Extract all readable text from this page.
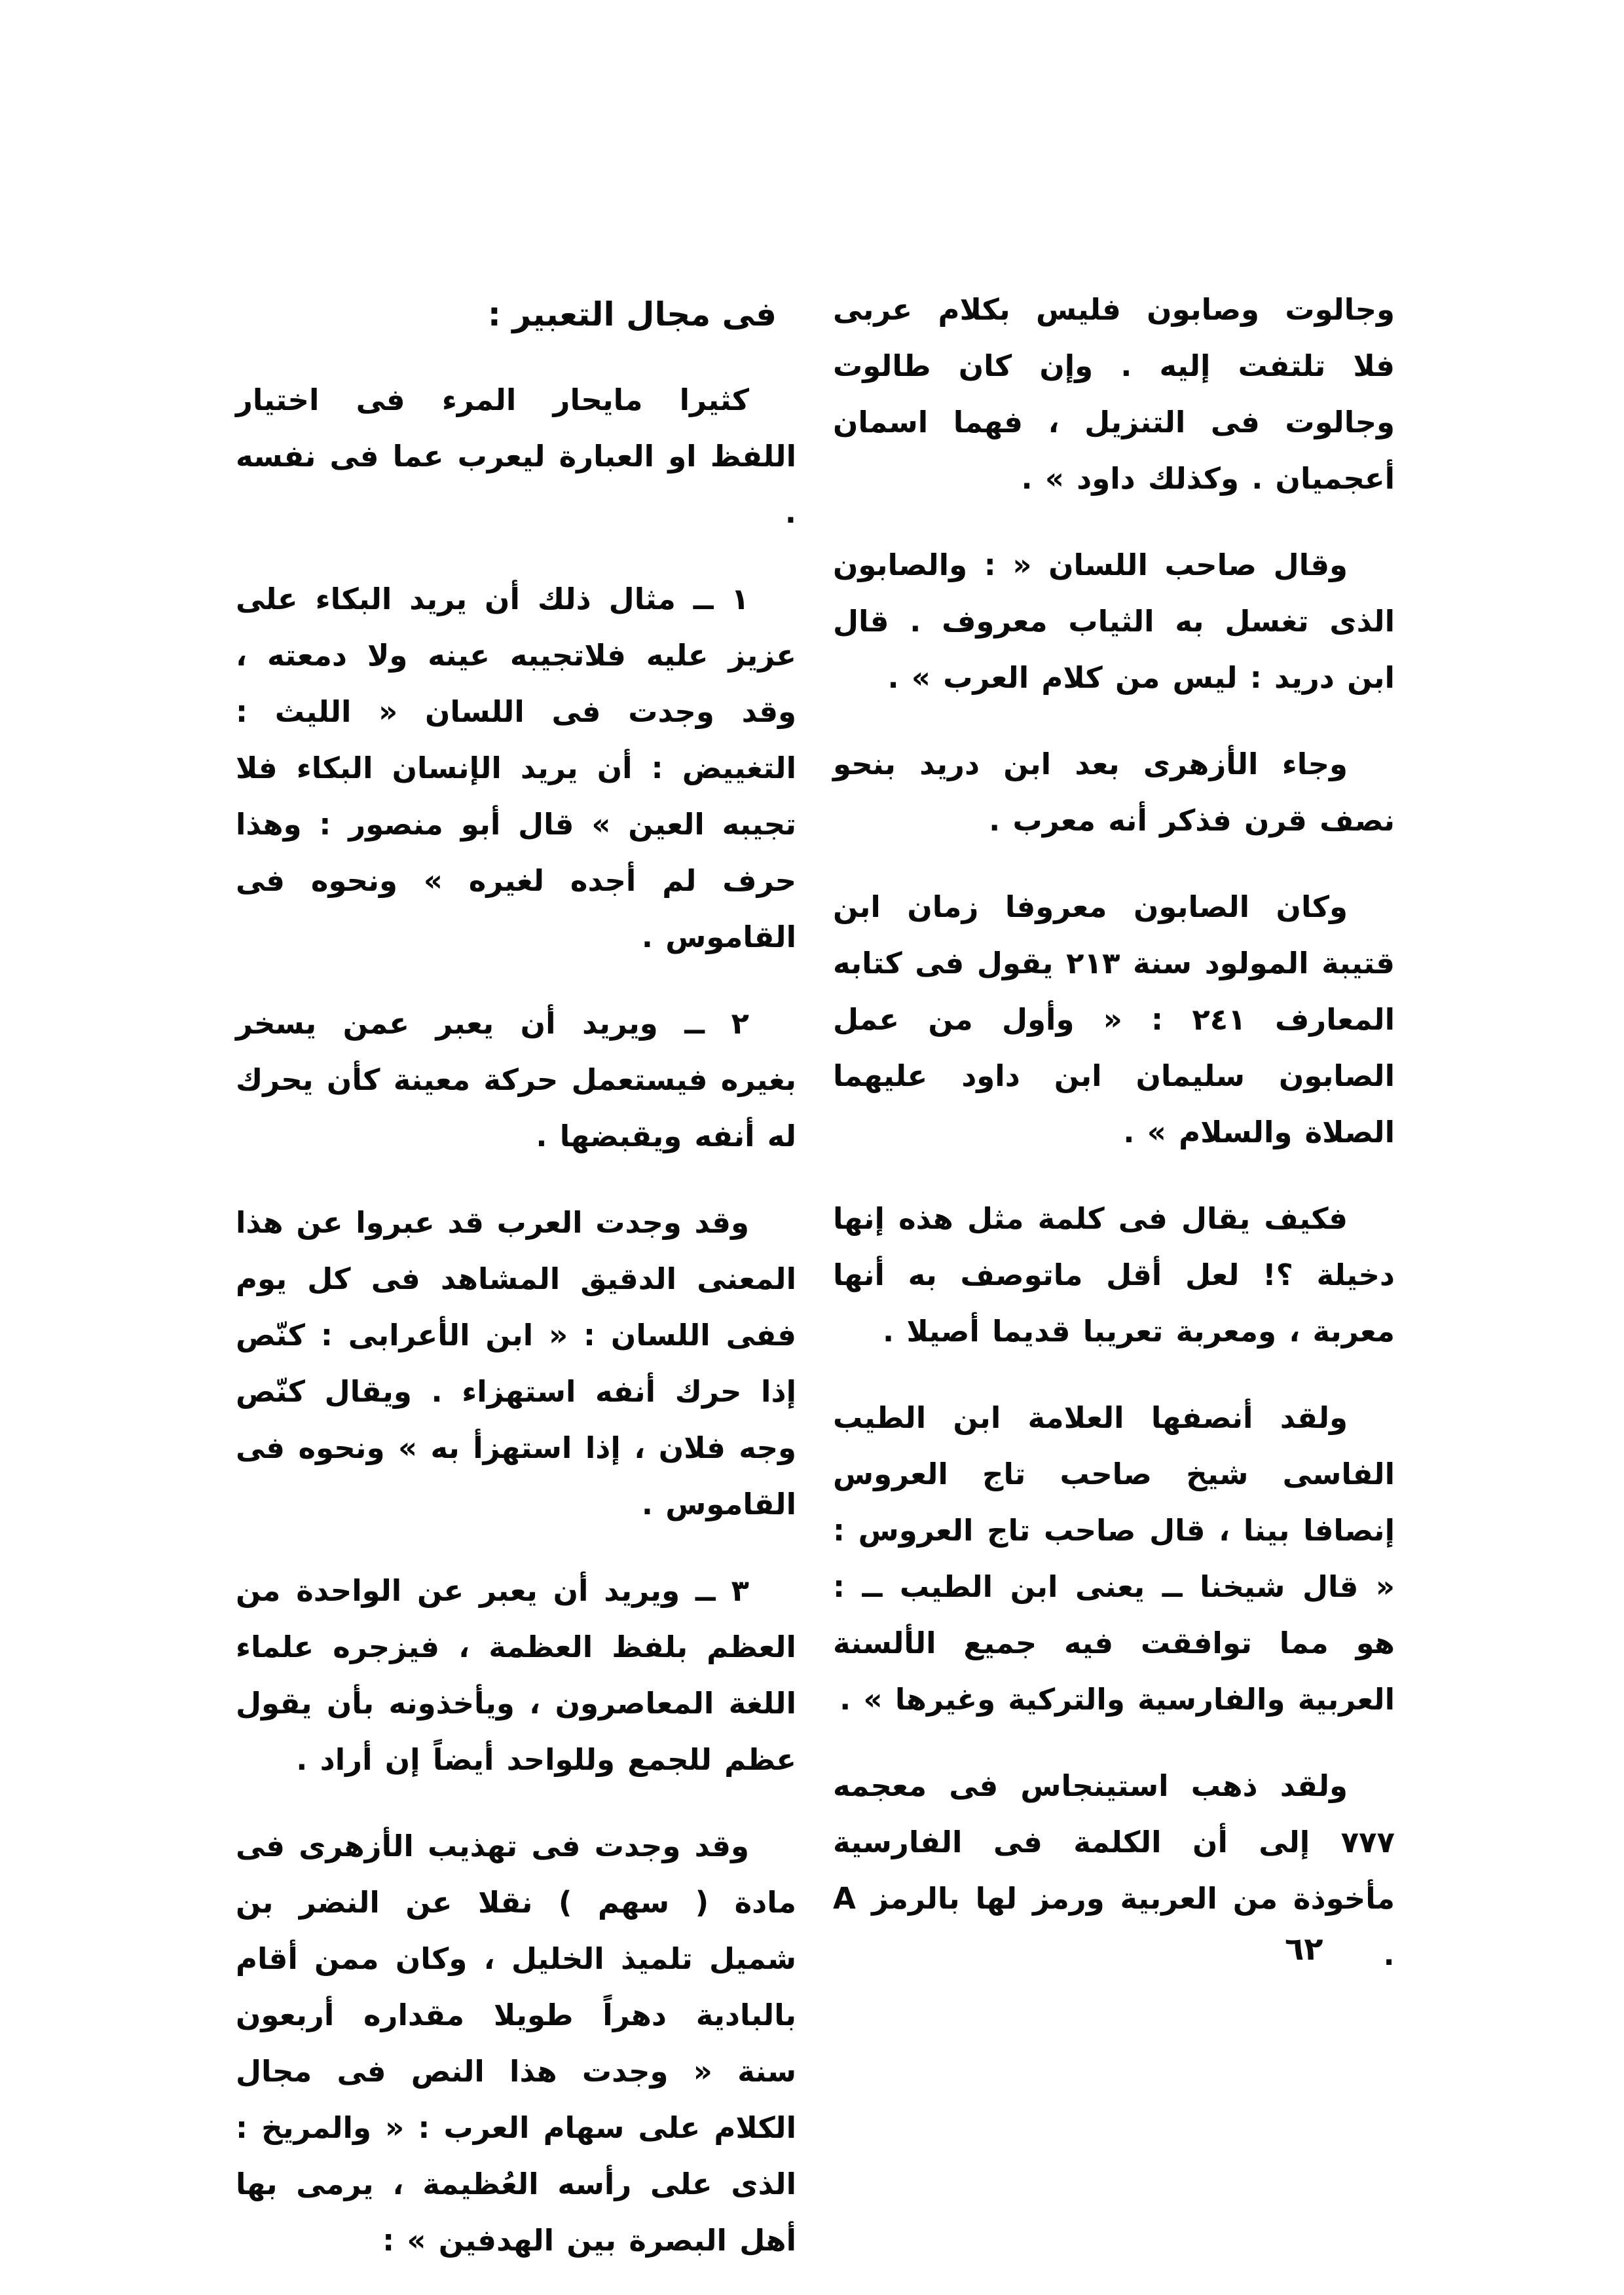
وجالوت وصابون فليس بكلام عربى فلا تلتفت إليه . وإن كان طالوت وجالوت فى التنزيل ، فهما اسمان أعجميان . وكذلك داود » .

وقال صاحب اللسان « : والصابون الذى تغسل به الثياب معروف . قال ابن دريد : ليس من كلام العرب » .

وجاء الأزهرى بعد ابن دريد بنحو نصف قرن فذكر أنه معرب .

وكان الصابون معروفا زمان ابن قتيبة المولود سنة ٢١٣ يقول فى كتابه المعارف ٢٤١ : « وأول من عمل الصابون سليمان ابن داود عليهما الصلاة والسلام » .

فكيف يقال فى كلمة مثل هذه إنها دخيلة ؟! لعل أقل ماتوصف به أنها معربة ، ومعربة تعريبا قديما أصيلا .

ولقد أنصفها العلامة ابن الطيب الفاسى شيخ صاحب تاج العروس إنصافا بينا ، قال صاحب تاج العروس : « قال شيخنا ــ يعنى ابن الطيب ــ : هو مما توافقت فيه جميع الألسنة العربية والفارسية والتركية وغيرها » .

ولقد ذهب استينجاس فى معجمه ٧٧٧ إلى أن الكلمة فى الفارسية مأخوذة من العربية ورمز لها بالرمز A .

فى مجال التعبير :

كثيرا مايحار المرء فى اختيار اللفظ او العبارة ليعرب عما فى نفسه .

١ ــ مثال ذلك أن يريد البكاء على عزيز عليه فلاتجيبه عينه ولا دمعته ، وقد وجدت فى اللسان « الليث : التغييض : أن يريد الإنسان البكاء فلا تجيبه العين » قال أبو منصور : وهذا حرف لم أجده لغيره » ونحوه فى القاموس .

٢ ــ ويريد أن يعبر عمن يسخر بغيره فيستعمل حركة معينة كأن يحرك له أنفه ويقبضها .

وقد وجدت العرب قد عبروا عن هذا المعنى الدقيق المشاهد فى كل يوم ففى اللسان : « ابن الأعرابى : كنّص إذا حرك أنفه استهزاء . ويقال كنّص وجه فلان ، إذا استهزأ به » ونحوه فى القاموس .

٣ ــ ويريد أن يعبر عن الواحدة من العظم بلفظ العظمة ، فيزجره علماء اللغة المعاصرون ، ويأخذونه بأن يقول عظم للجمع وللواحد أيضاً إن أراد .

وقد وجدت فى تهذيب الأزهرى فى مادة ( سهم ) نقلا عن النضر بن شميل تلميذ الخليل ، وكان ممن أقام بالبادية دهراً طويلا مقداره أربعون سنة « وجدت هذا النص فى مجال الكلام على سهام العرب : « والمريخ : الذى على رأسه العُظيمة ، يرمى بها أهل البصرة بين الهدفين » :

٦٢
